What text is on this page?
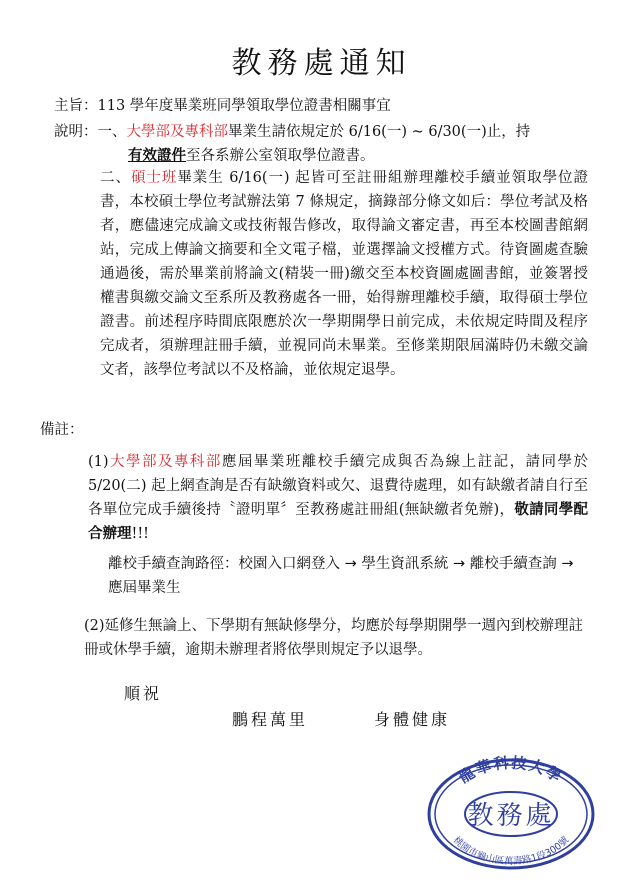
教務處通知
主旨：113 學年度畢業班同學領取學位證書相關事宜
說明：一、大學部及專科部畢業生請依規定於 6/16(一) ~ 6/30(一)止，持
有效證件至各系辦公室領取學位證書。
二、碩士班畢業生 6/16(一) 起皆可至註冊組辦理離校手續並領取學位證書，本校碩士學位考試辦法第 7 條規定，摘錄部分條文如后：學位考試及格者，應儘速完成論文或技術報告修改，取得論文審定書，再至本校圖書館網站，完成上傳論文摘要和全文電子檔，並選擇論文授權方式。待資圖處查驗通過後，需於畢業前將論文(精裝一冊)繳交至本校資圖處圖書館，並簽署授權書與繳交論文至系所及教務處各一冊，始得辦理離校手續，取得碩士學位證書。前述程序時間底限應於次一學期開學日前完成，未依規定時間及程序完成者，須辦理註冊手續，並視同尚未畢業。至修業期限屆滿時仍未繳交論文者，該學位考試以不及格論，並依規定退學。
備註：
(1)大學部及專科部應屆畢業班離校手續完成與否為線上註記，請同學於 5/20(二) 起上網查詢是否有缺繳資料或欠、退費待處理，如有缺繳者請自行至各單位完成手續後持〝證明單〞至教務處註冊組(無缺繳者免辦)，敬請同學配合辦理!!!
離校手續查詢路徑：校園入口網登入 → 學生資訊系統 → 離校手續查詢 → 應屆畢業生
(2)延修生無論上、下學期有無缺修學分，均應於每學期開學一週內到校辦理註冊或休學手續，逾期未辦理者將依學則規定予以退學。
順祝
鵬程萬里	身體健康
龍華科技大學
教務處
桃園市龜山區萬壽路1段300號
